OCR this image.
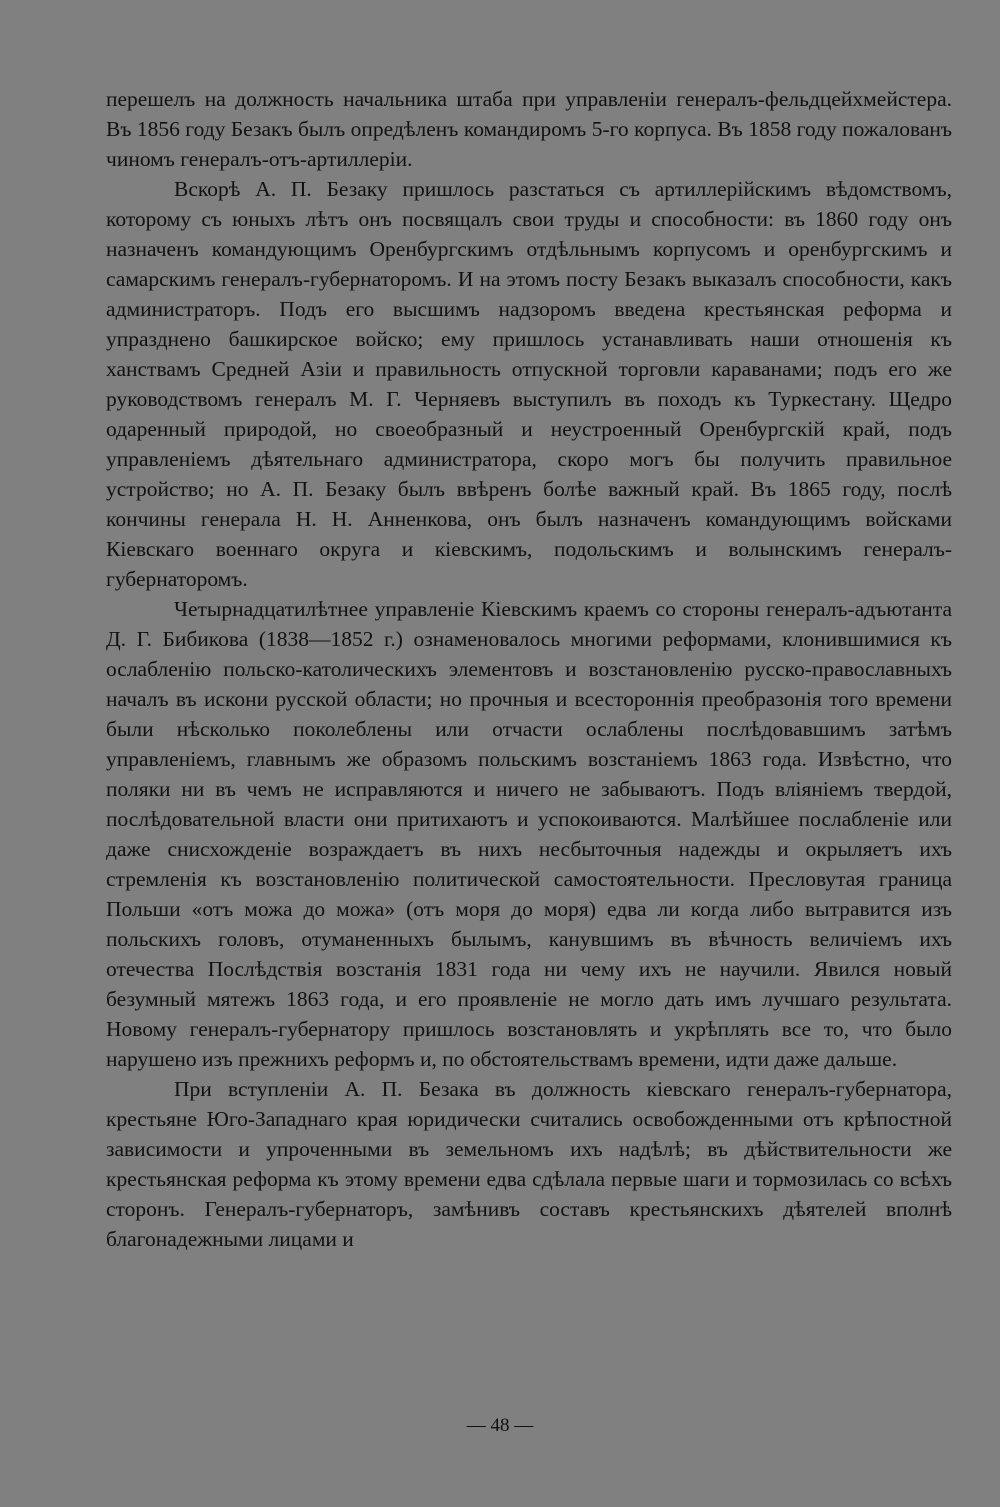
перешелъ на должность начальника штаба при управленіи генералъ-фельдцейхмейстера. Въ 1856 году Безакъ былъ опредѣленъ командиромъ 5-го корпуса. Въ 1858 году пожалованъ чиномъ генералъ-отъ-артиллеріи.

Вскорѣ А. П. Безаку пришлось разстаться съ артиллерійскимъ вѣдомствомъ, которому съ юныхъ лѣтъ онъ посвящалъ свои труды и способности: въ 1860 году онъ назначенъ командующимъ Оренбургскимъ отдѣльнымъ корпусомъ и оренбургскимъ и самарскимъ генералъ-губернаторомъ. И на этомъ посту Безакъ выказалъ способности, какъ администраторъ. Подъ его высшимъ надзоромъ введена крестьянская реформа и упразднено башкирское войско; ему пришлось устанавливать наши отношенія къ ханствамъ Средней Азіи и правильность отпускной торговли караванами; подъ его же руководствомъ генералъ М. Г. Черняевъ выступилъ въ походъ къ Туркестану. Щедро одаренный природой, но своеобразный и неустроенный Оренбургскій край, подъ управленіемъ дѣятельнаго администратора, скоро могъ бы получить правильное устройство; но А. П. Безаку былъ ввѣренъ болѣе важный край. Въ 1865 году, послѣ кончины генерала Н. Н. Анненкова, онъ былъ назначенъ командующимъ войсками Кіевскаго военнаго округа и кіевскимъ, подольскимъ и волынскимъ генералъ-губернаторомъ.

Четырнадцатилѣтнее управленіе Кіевскимъ краемъ со стороны генералъ-адъютанта Д. Г. Бибикова (1838—1852 г.) ознаменовалось многими реформами, клонившимися къ ослабленію польско-католическихъ элементовъ и возстановленію русско-православныхъ началъ въ искони русской области; но прочныя и всестороннія преобразонія того времени были нѣсколько поколеблены или отчасти ослаблены послѣдовавшимъ затѣмъ управленіемъ, главнымъ же образомъ польскимъ возстаніемъ 1863 года. Извѣстно, что поляки ни въ чемъ не исправляются и ничего не забываютъ. Подъ вліяніемъ твердой, послѣдовательной власти они притихаютъ и успокоиваются. Малѣйшее послабленіе или даже снисхожденіе возраждаетъ въ нихъ несбыточныя надежды и окрыляетъ ихъ стремленія къ возстановленію политической самостоятельности. Пресловутая граница Польши «отъ можа до можа» (отъ моря до моря) едва ли когда либо вытравится изъ польскихъ головъ, отуманенныхъ былымъ, канувшимъ въ вѣчность величіемъ ихъ отечества Послѣдствія возстанія 1831 года ни чему ихъ не научили. Явился новый безумный мятежъ 1863 года, и его проявленіе не могло дать имъ лучшаго результата. Новому генералъ-губернатору пришлось возстановлять и укрѣплять все то, что было нарушено изъ прежнихъ реформъ и, по обстоятельствамъ времени, идти даже дальше.

При вступленіи А. П. Безака въ должность кіевскаго генералъ-губернатора, крестьяне Юго-Западнаго края юридически считались освобожденными отъ крѣпостной зависимости и упроченными въ земельномъ ихъ надѣлѣ; въ дѣйствительности же крестьянская реформа къ этому времени едва сдѣлала первые шаги и тормозилась со всѣхъ сторонъ. Генералъ-губернаторъ, замѣнивъ составъ крестьянскихъ дѣятелей вполнѣ благонадежными лицами и

— 48 —
